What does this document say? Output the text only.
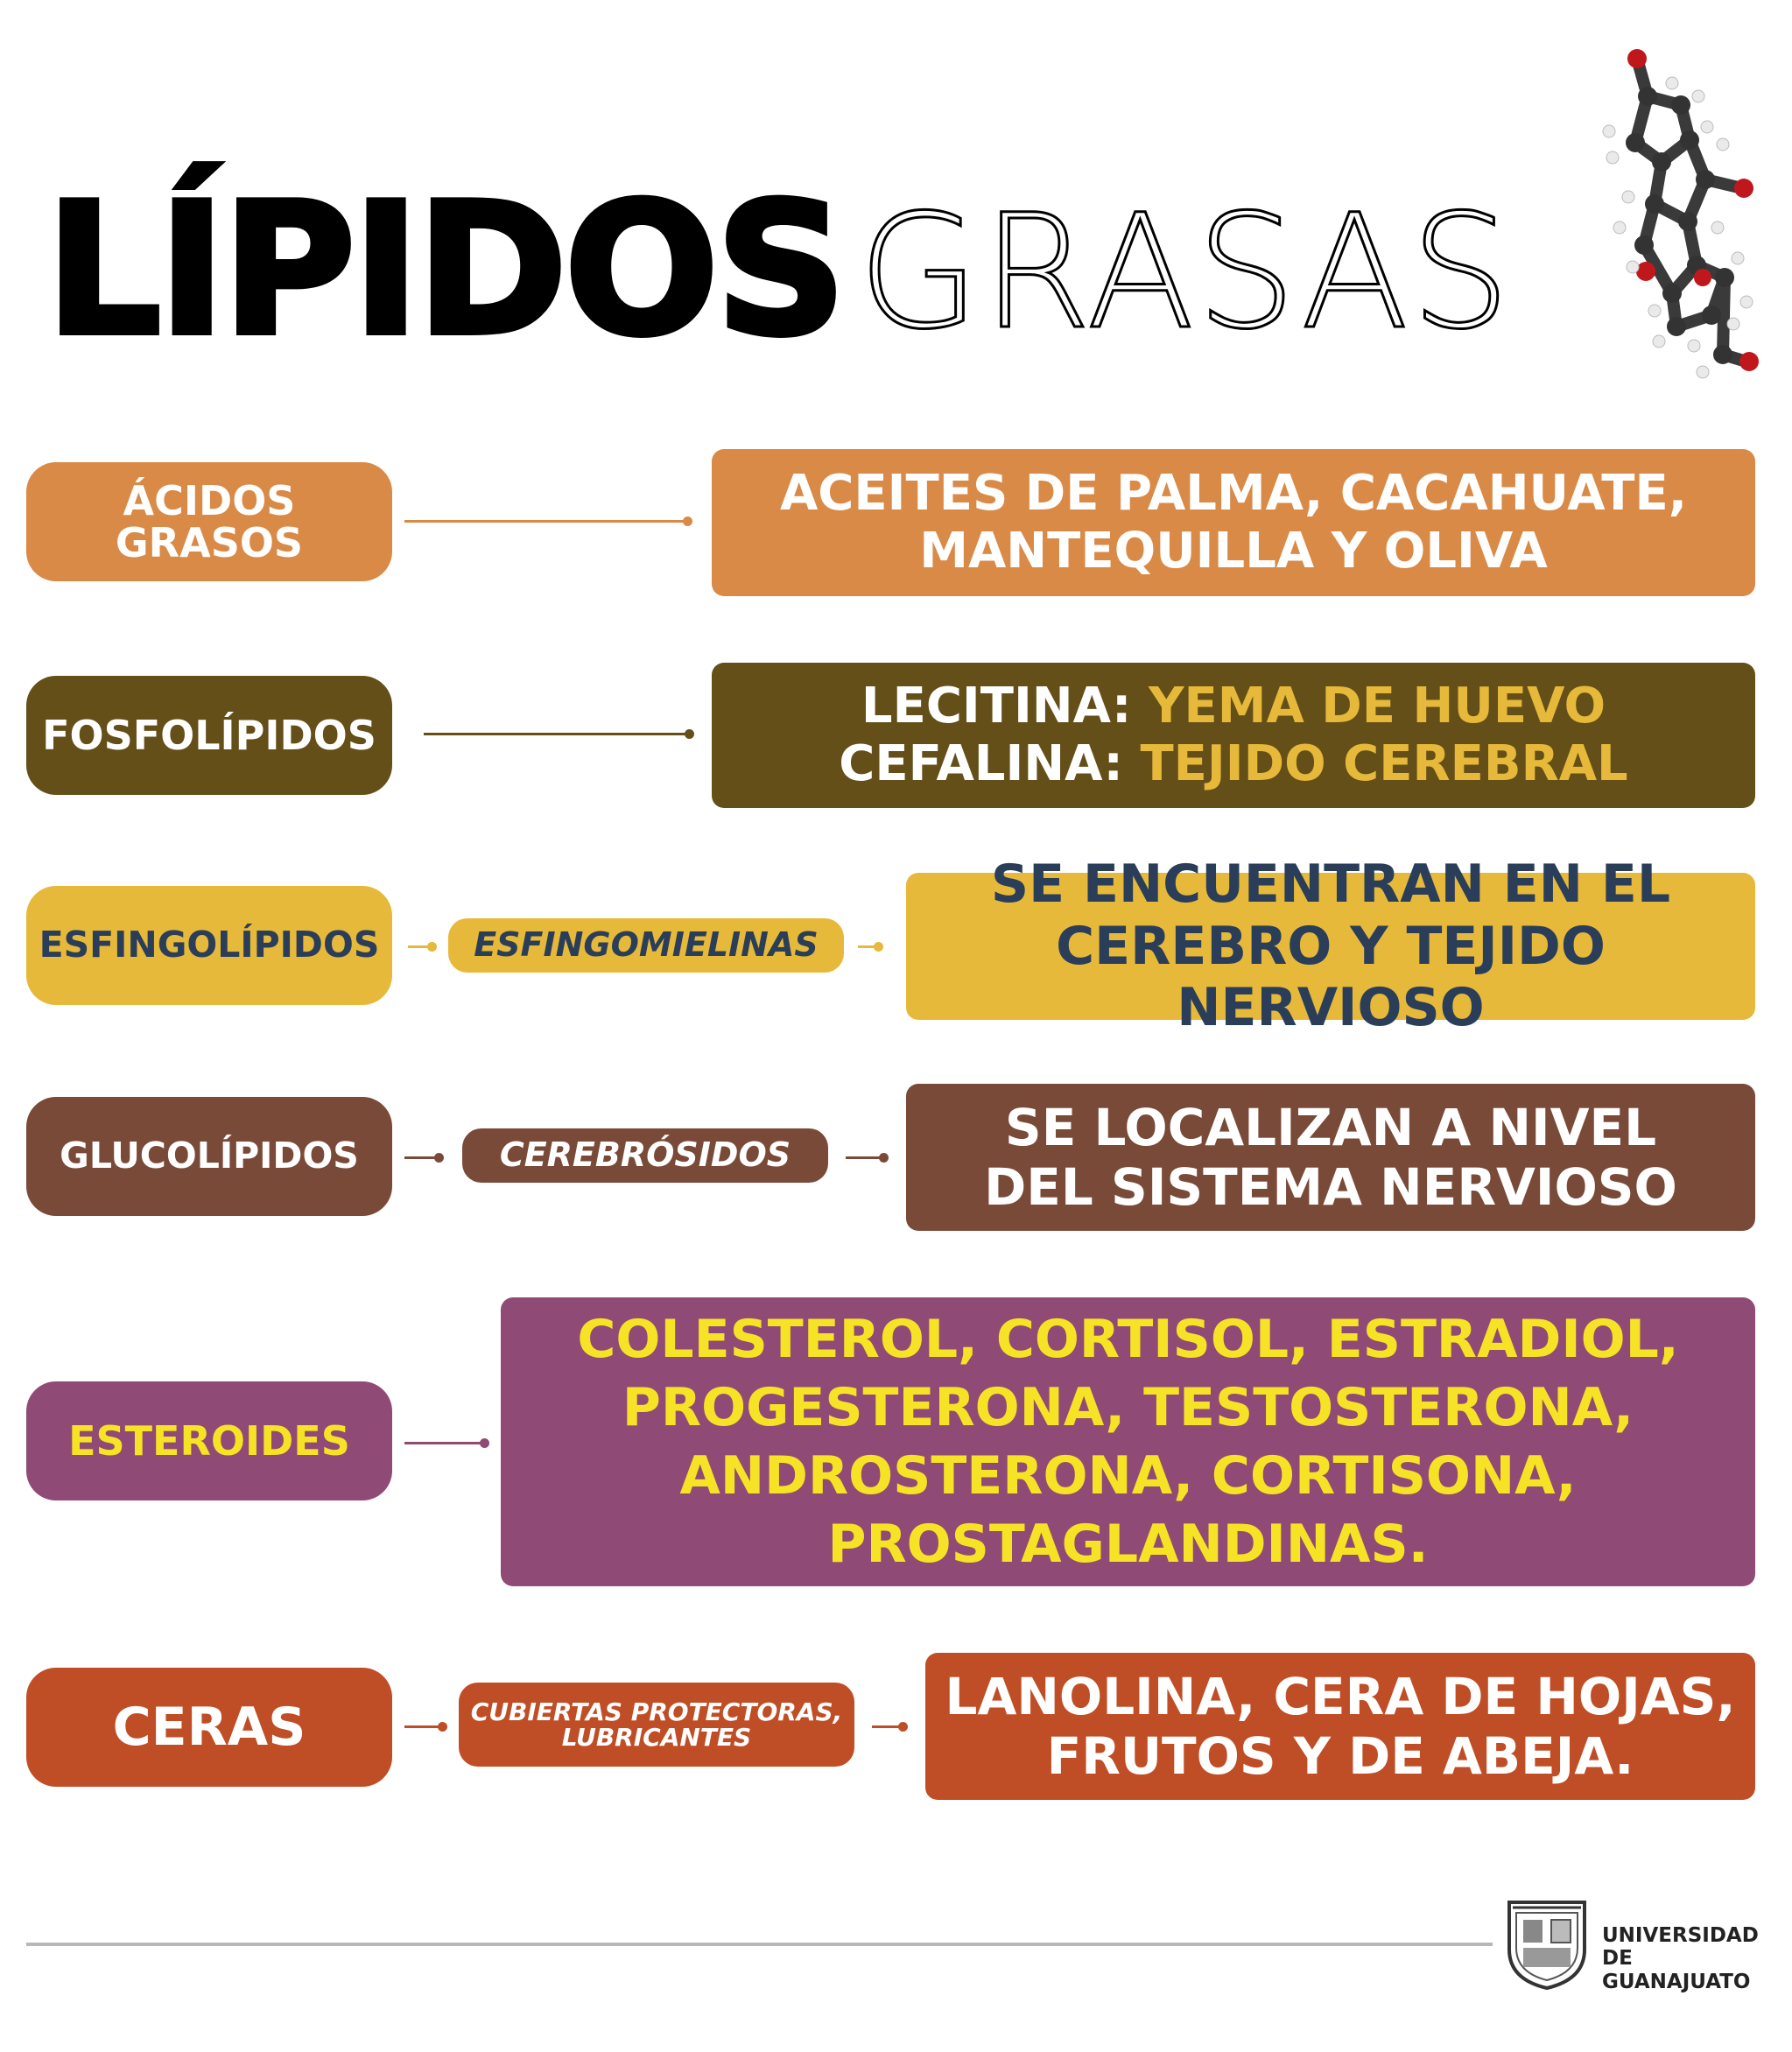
LÍPIDOS GRASAS
ÁCIDOS
GRASOS
ACEITES DE PALMA, CACAHUATE,
MANTEQUILLA Y OLIVA
FOSFOLÍPIDOS
LECITINA: YEMA DE HUEVO
CEFALINA: TEJIDO CEREBRAL
ESFINGOLÍPIDOS	ESFINGOMIELINAS
SE ENCUENTRAN EN EL
CEREBRO Y TEJIDO NERVIOSO
GLUCOLÍPIDOS	CEREBRÓSIDOS	SE LOCALIZAN A NIVEL
DEL SISTEMA NERVIOSO
ESTEROIDES
COLESTEROL, CORTISOL, ESTRADIOL,
PROGESTERONA, TESTOSTERONA,
ANDROSTERONA, CORTISONA,
PROSTAGLANDINAS.
CERAS	CUBIERTAS PROTECTORAS,
LUBRICANTES
LANOLINA, CERA DE HOJAS,
FRUTOS Y DE ABEJA.
UNIVERSIDAD DE
GUANAJUATO
